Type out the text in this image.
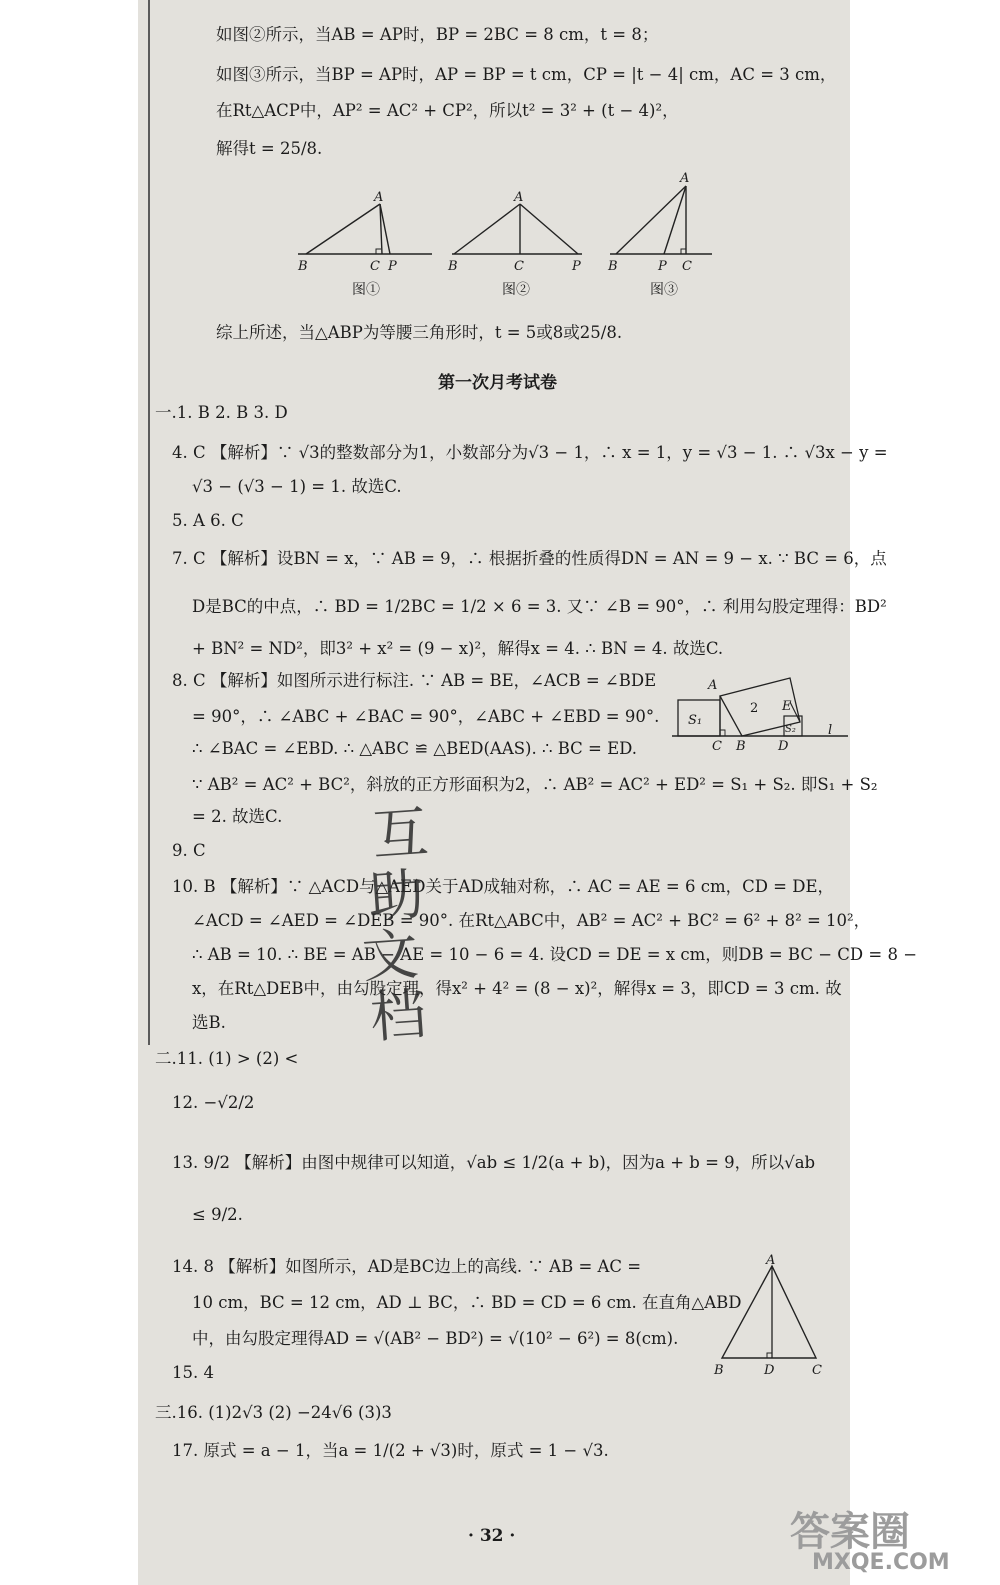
如图②所示，当AB = AP时，BP = 2BC = 8 cm，t = 8；
如图③所示，当BP = AP时，AP = BP = t cm，CP = |t − 4| cm，AC = 3 cm，
在Rt△ACP中，AP² = AC² + CP²，所以t² = 3² + (t − 4)²，
解得t = 25/8.
A
B	C P
图①
A
B	C	P
图②
A
B	P C
图③
综上所述，当△ABP为等腰三角形时，t = 5或8或25/8.
第一次月考试卷
一.1. B 2. B 3. D
4. C 【解析】∵ √3的整数部分为1，小数部分为√3 − 1，∴ x = 1，y = √3 − 1. ∴ √3x − y =
√3 − (√3 − 1) = 1. 故选C.
5. A 6. C
7. C 【解析】设BN = x，∵ AB = 9，∴ 根据折叠的性质得DN = AN = 9 − x. ∵ BC = 6，点
D是BC的中点，∴ BD = 1/2BC = 1/2 × 6 = 3. 又∵ ∠B = 90°，∴ 利用勾股定理得：BD²
+ BN² = ND²，即3² + x² = (9 − x)²，解得x = 4. ∴ BN = 4. 故选C.
8. C 【解析】如图所示进行标注. ∵ AB = BE，∠ACB = ∠BDE
= 90°，∴ ∠ABC + ∠BAC = 90°，∠ABC + ∠EBD = 90°.
A
E
C B D
l
S₁
S₂
2
∴ ∠BAC = ∠EBD. ∴ △ABC ≌ △BED(AAS). ∴ BC = ED.
∵ AB² = AC² + BC²，斜放的正方形面积为2，∴ AB² = AC² + ED² = S₁ + S₂. 即S₁ + S₂
= 2. 故选C.
9. C
10. B 【解析】∵ △ACD与△AED关于AD成轴对称，∴ AC = AE = 6 cm，CD = DE，
∠ACD = ∠AED = ∠DEB = 90°. 在Rt△ABC中，AB² = AC² + BC² = 6² + 8² = 10²，
∴ AB = 10. ∴ BE = AB − AE = 10 − 6 = 4. 设CD = DE = x cm，则DB = BC − CD = 8 −
x，在Rt△DEB中，由勾股定理，得x² + 4² = (8 − x)²，解得x = 3，即CD = 3 cm. 故
选B.
互
助
文
档
二.11. (1) > (2) <
12. −√2/2
13. 9/2 【解析】由图中规律可以知道，√ab ≤ 1/2(a + b)，因为a + b = 9，所以√ab
≤ 9/2.
14. 8 【解析】如图所示，AD是BC边上的高线. ∵ AB = AC =
10 cm，BC = 12 cm，AD ⊥ BC，∴ BD = CD = 6 cm. 在直角△ABD
中，由勾股定理得AD = √(AB² − BD²) = √(10² − 6²) = 8(cm).
A
B	D	C
15. 4
三.16. (1)2√3 (2) −24√6 (3)3
17. 原式 = a − 1，当a = 1/(2 + √3)时，原式 = 1 − √3.
· 32 ·	答案圈
MXQE.COM
